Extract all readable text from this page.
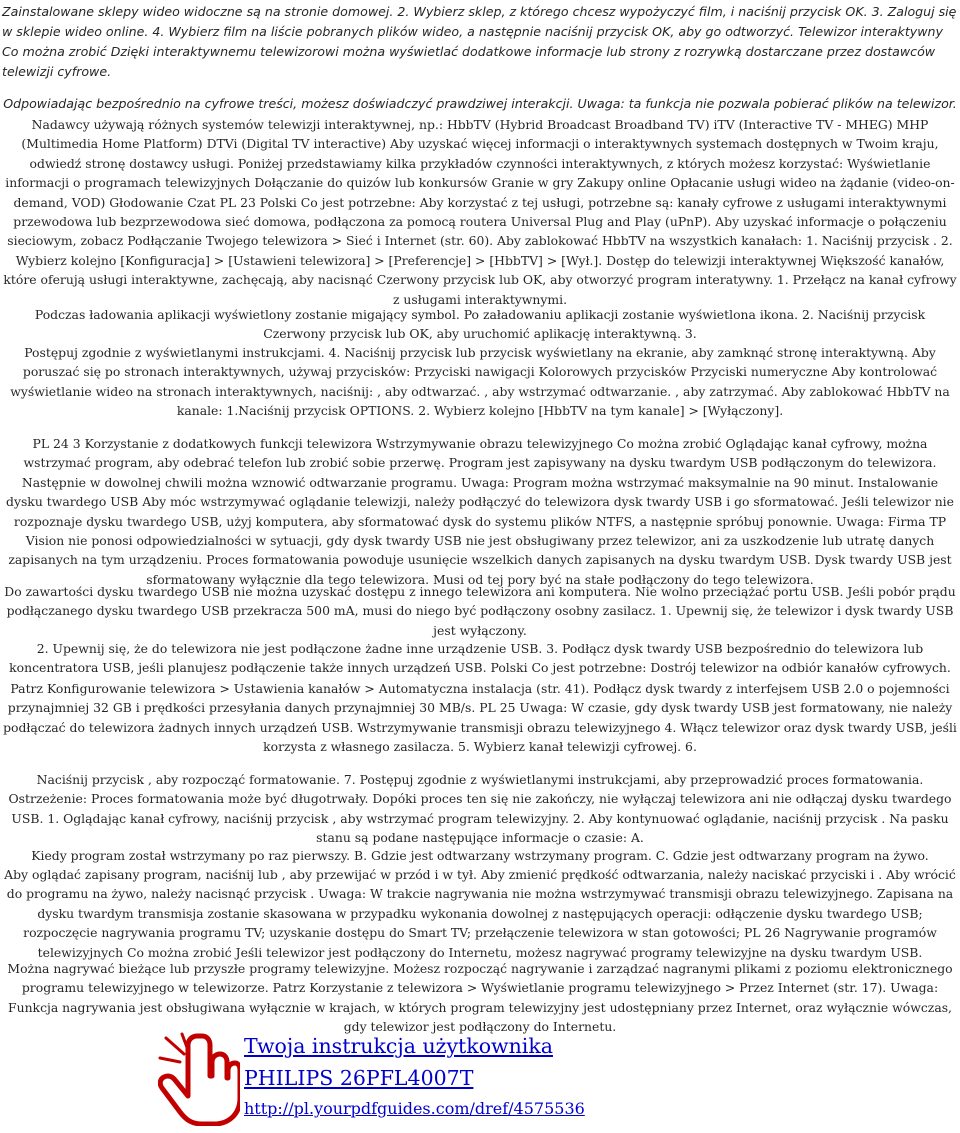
Zainstalowane sklepy wideo widoczne są na stronie domowej. 2. Wybierz sklep, z którego chcesz wypożyczyć film, i naciśnij przycisk OK. 3. Zaloguj się w sklepie wideo online. 4. Wybierz film na liście pobranych plików wideo, a następnie naciśnij przycisk OK, aby go odtworzyć. Telewizor interaktywny Co można zrobić Dzięki interaktywnemu telewizorowi można wyświetlać dodatkowe informacje lub strony z rozrywką dostarczane przez dostawców telewizji cyfrowe.
Odpowiadając bezpośrednio na cyfrowe treści, możesz doświadczyć prawdziwej interakcji. Uwaga: ta funkcja nie pozwala pobierać plików na telewizor.
Nadawcy używają różnych systemów telewizji interaktywnej, np.: HbbTV (Hybrid Broadcast Broadband TV) iTV (Interactive TV - MHEG) MHP (Multimedia Home Platform) DTVi (Digital TV interactive) Aby uzyskać więcej informacji o interaktywnych systemach dostępnych w Twoim kraju, odwiedź stronę dostawcy usługi. Poniżej przedstawiamy kilka przykładów czynności interaktywnych, z których możesz korzystać: Wyświetlanie informacji o programach telewizyjnych Dołączanie do quizów lub konkursów Granie w gry Zakupy online Opłacanie usługi wideo na żądanie (video-on-demand, VOD) Głodowanie Czat PL 23 Polski Co jest potrzebne: Aby korzystać z tej usługi, potrzebne są: kanały cyfrowe z usługami interaktywnymi przewodowa lub bezprzewodowa sieć domowa, podłączona za pomocą routera Universal Plug and Play (uPnP). Aby uzyskać informacje o połączeniu sieciowym, zobacz Podłączanie Twojego telewizora > Sieć i Internet (str. 60). Aby zablokować HbbTV na wszystkich kanałach: 1. Naciśnij przycisk . 2. Wybierz kolejno [Konfiguracja] > [Ustawieni telewizora] > [Preferencje] > [HbbTV] > [Wył.]. Dostęp do telewizji interaktywnej Większość kanałów, które oferują usługi interaktywne, zachęcają, aby nacisnąć Czerwony przycisk lub OK, aby otworzyć program interatywny. 1. Przełącz na kanał cyfrowy z usługami interaktywnymi.
Podczas ładowania aplikacji wyświetlony zostanie migający symbol. Po załadowaniu aplikacji zostanie wyświetlona ikona. 2. Naciśnij przycisk Czerwony przycisk lub OK, aby uruchomić aplikację interaktywną. 3.
Postępuj zgodnie z wyświetlanymi instrukcjami. 4. Naciśnij przycisk lub przycisk wyświetlany na ekranie, aby zamknąć stronę interaktywną. Aby poruszać się po stronach interaktywnych, używaj przycisków: Przyciski nawigacji Kolorowych przycisków Przyciski numeryczne Aby kontrolować wyświetlanie wideo na stronach interaktywnych, naciśnij: , aby odtwarzać. , aby wstrzymać odtwarzanie. , aby zatrzymać. Aby zablokować HbbTV na kanale: 1.Naciśnij przycisk OPTIONS. 2. Wybierz kolejno [HbbTV na tym kanale] > [Wyłączony].
PL 24 3 Korzystanie z dodatkowych funkcji telewizora Wstrzymywanie obrazu telewizyjnego Co można zrobić Oglądając kanał cyfrowy, można wstrzymać program, aby odebrać telefon lub zrobić sobie przerwę. Program jest zapisywany na dysku twardym USB podłączonym do telewizora. Następnie w dowolnej chwili można wznowić odtwarzanie programu. Uwaga: Program można wstrzymać maksymalnie na 90 minut. Instalowanie dysku twardego USB Aby móc wstrzymywać oglądanie telewizji, należy podłączyć do telewizora dysk twardy USB i go sformatować. Jeśli telewizor nie rozpoznaje dysku twardego USB, użyj komputera, aby sformatować dysk do systemu plików NTFS, a następnie spróbuj ponownie. Uwaga: Firma TP Vision nie ponosi odpowiedzialności w sytuacji, gdy dysk twardy USB nie jest obsługiwany przez telewizor, ani za uszkodzenie lub utratę danych zapisanych na tym urządzeniu. Proces formatowania powoduje usunięcie wszelkich danych zapisanych na dysku twardym USB. Dysk twardy USB jest sformatowany wyłącznie dla tego telewizora. Musi od tej pory być na stałe podłączony do tego telewizora.
Do zawartości dysku twardego USB nie można uzyskać dostępu z innego telewizora ani komputera. Nie wolno przeciążać portu USB. Jeśli pobór prądu podłączanego dysku twardego USB przekracza 500 mA, musi do niego być podłączony osobny zasilacz. 1. Upewnij się, że telewizor i dysk twardy USB jest wyłączony.
2. Upewnij się, że do telewizora nie jest podłączone żadne inne urządzenie USB. 3. Podłącz dysk twardy USB bezpośrednio do telewizora lub koncentratora USB, jeśli planujesz podłączenie także innych urządzeń USB. Polski Co jest potrzebne: Dostrój telewizor na odbiór kanałów cyfrowych.
Patrz Konfigurowanie telewizora > Ustawienia kanałów > Automatyczna instalacja (str. 41). Podłącz dysk twardy z interfejsem USB 2.0 o pojemności przynajmniej 32 GB i prędkości przesyłania danych przynajmniej 30 MB/s. PL 25 Uwaga: W czasie, gdy dysk twardy USB jest formatowany, nie należy podłączać do telewizora żadnych innych urządzeń USB. Wstrzymywanie transmisji obrazu telewizyjnego 4. Włącz telewizor oraz dysk twardy USB, jeśli korzysta z własnego zasilacza. 5. Wybierz kanał telewizji cyfrowej. 6.
Naciśnij przycisk , aby rozpocząć formatowanie. 7. Postępuj zgodnie z wyświetlanymi instrukcjami, aby przeprowadzić proces formatowania. Ostrzeżenie: Proces formatowania może być długotrwały. Dopóki proces ten się nie zakończy, nie wyłączaj telewizora ani nie odłączaj dysku twardego USB. 1. Oglądając kanał cyfrowy, naciśnij przycisk , aby wstrzymać program telewizyjny. 2. Aby kontynuować oglądanie, naciśnij przycisk . Na pasku stanu są podane następujące informacje o czasie: A.
Kiedy program został wstrzymany po raz pierwszy. B. Gdzie jest odtwarzany wstrzymany program. C. Gdzie jest odtwarzany program na żywo.
Aby oglądać zapisany program, naciśnij lub , aby przewijać w przód i w tył. Aby zmienić prędkość odtwarzania, należy naciskać przyciski i . Aby wrócić do programu na żywo, należy nacisnąć przycisk . Uwaga: W trakcie nagrywania nie można wstrzymywać transmisji obrazu telewizyjnego. Zapisana na dysku twardym transmisja zostanie skasowana w przypadku wykonania dowolnej z następujących operacji: odłączenie dysku twardego USB; rozpoczęcie nagrywania programu TV; uzyskanie dostępu do Smart TV; przełączenie telewizora w stan gotowości; PL 26 Nagrywanie programów telewizyjnych Co można zrobić Jeśli telewizor jest podłączony do Internetu, możesz nagrywać programy telewizyjne na dysku twardym USB.
Można nagrywać bieżące lub przyszłe programy telewizyjne. Możesz rozpocząć nagrywanie i zarządzać nagranymi plikami z poziomu elektronicznego programu telewizyjnego w telewizorze. Patrz Korzystanie z telewizora > Wyświetlanie programu telewizyjnego > Przez Internet (str. 17). Uwaga: Funkcja nagrywania jest obsługiwana wyłącznie w krajach, w których program telewizyjny jest udostępniany przez Internet, oraz wyłącznie wówczas, gdy telewizor jest podłączony do Internetu.
Twoja instrukcja użytkownika
PHILIPS 26PFL4007T
http://pl.yourpdfguides.com/dref/4575536
